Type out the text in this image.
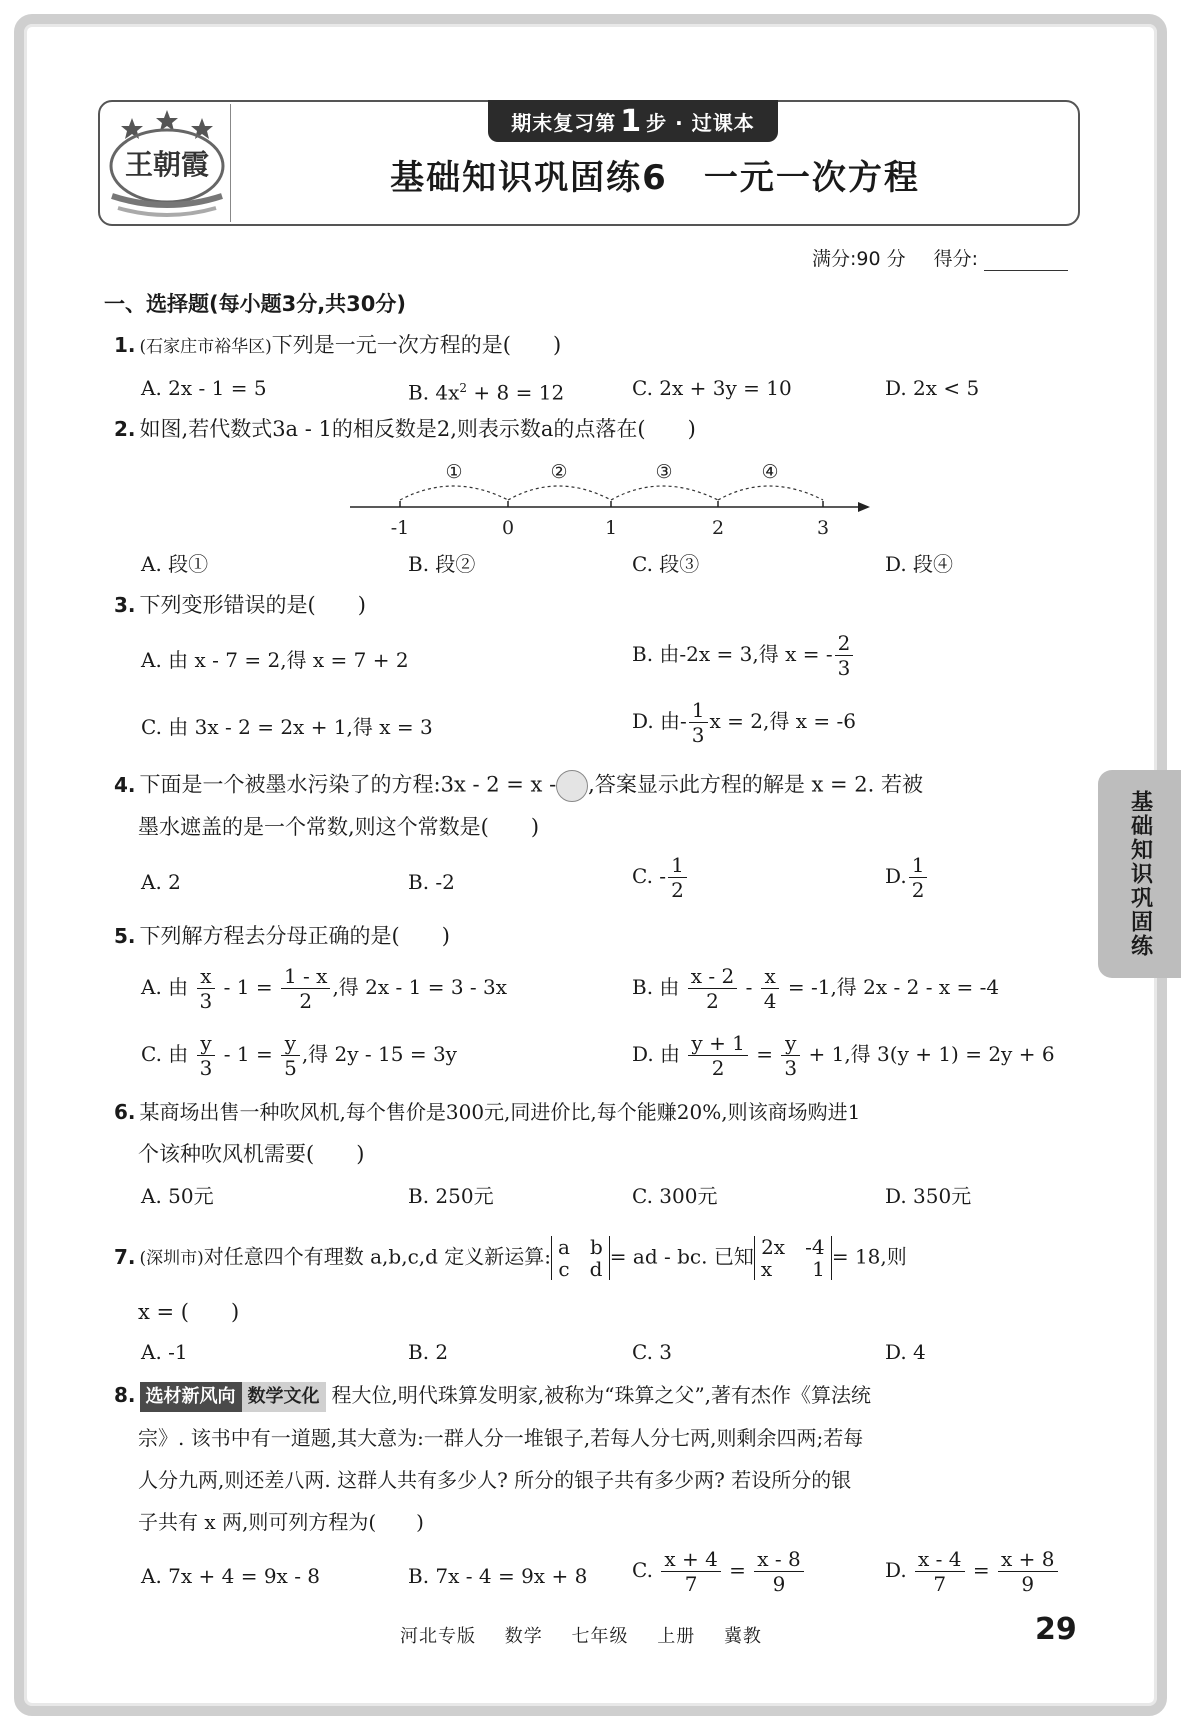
王朝霞
期末复习第 1 步 · 过课本
基础知识巩固练6　一元一次方程
满分:90 分 得分:
一、选择题(每小题3分,共30分)
1. (石家庄市裕华区)下列是一元一次方程的是(　　)
A. 2x - 1 = 5	B. $4x^2 + 8 = 12$	C. 2x + 3y = 10	D. 2x < 5
2. 如图,若代数式3a - 1的相反数是2,则表示数a的点落在(　　)
①	②	③	④
-1	0	1	2	3
A. 段①	B. 段②	C. 段③	D. 段④
3. 下列变形错误的是(　　)
A. 由 x - 7 = 2,得 x = 7 + 2	B. 由-2x = 3,得 x = - $\frac{2}{3}$
C. 由 3x - 2 = 2x + 1,得 x = 3	D. 由- $\frac{1}{3}$ x = 2,得 x = -6
4. 下面是一个被墨水污染了的方程:3x - 2 = x - ,答案显示此方程的解是 x = 2. 若被
墨水遮盖的是一个常数,则这个常数是(　　)
A. 2	B. -2	C. - $\frac{1}{2}$	D. $\frac{1}{2}$
5. 下列解方程去分母正确的是(　　)
A. 由 $\frac{x}{3} - 1 = \frac{1 - x}{2}$ ,得 2x - 1 = 3 - 3x	B. 由 $\frac{x - 2}{2} - \frac{x}{4} = -1$,得 2x - 2 - x = -4
C. 由 $\frac{y}{3} - 1 = \frac{y}{5}$ ,得 2y - 15 = 3y	D. 由 $\frac{y + 1}{2} = \frac{y}{3} + 1$,得 3(y + 1) = 2y + 6
6. 某商场出售一种吹风机,每个售价是300元,同进价比,每个能赚20%,则该商场购进1
个该种吹风机需要(　　)
A. 50元	B. 250元	C. 300元	D. 350元
7. (深圳市)对任意四个有理数 a,b,c,d 定义新运算: a　b
c　d
= ad - bc. 已知 2x　-4
x　　1
= 18,则
x = (　　)
A. -1	B. 2	C. 3	D. 4
8. 选材新风向 数学文化 程大位,明代珠算发明家,被称为“珠算之父”,著有杰作《算法统
宗》. 该书中有一道题,其大意为:一群人分一堆银子,若每人分七两,则剩余四两;若每
人分九两,则还差八两. 这群人共有多少人? 所分的银子共有多少两? 若设所分的银
子共有 x 两,则可列方程为(　　)
A. 7x + 4 = 9x - 8	B. 7x - 4 = 9x + 8 C. $\frac{x + 4}{7} = \frac{x - 8}{9}$	D. $\frac{x - 4}{7} = \frac{x + 8}{9}$
基础知识巩固练
河北专版 数学 七年级 上册 冀教	29
